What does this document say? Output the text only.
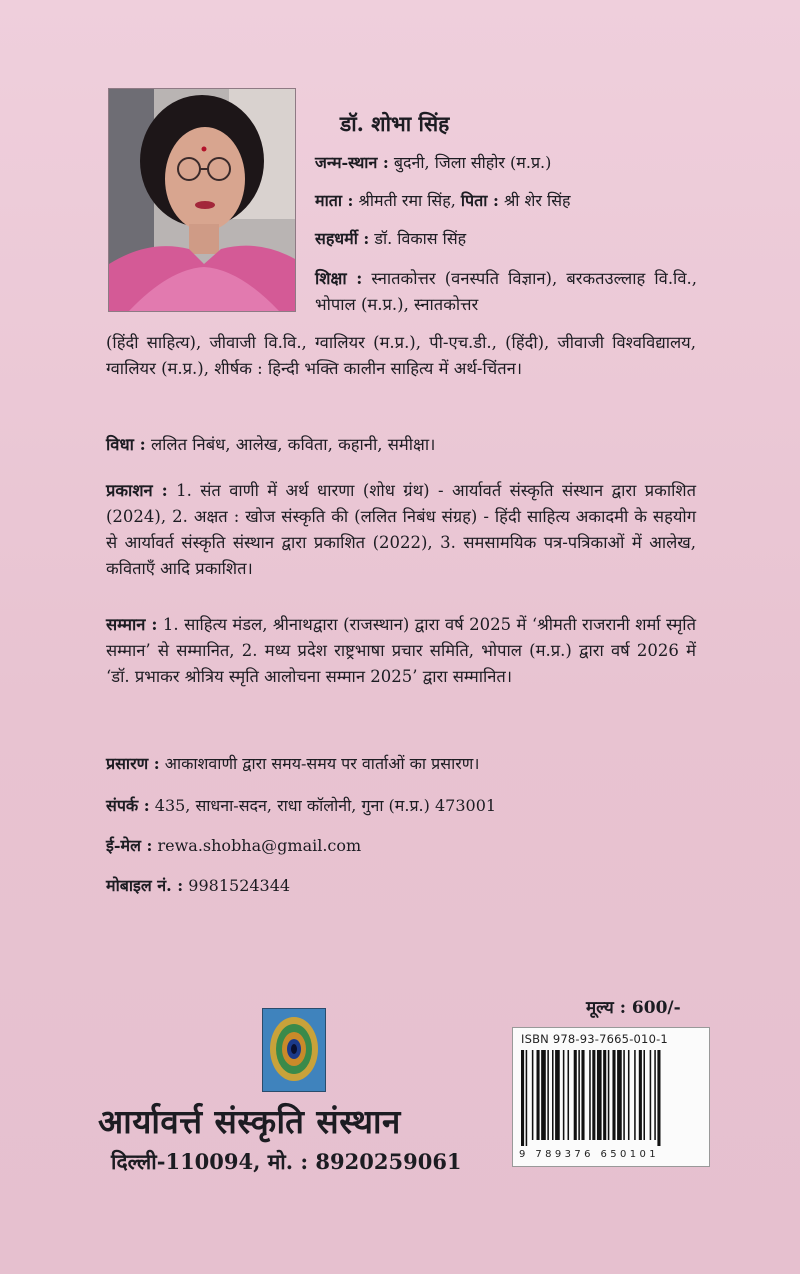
डॉ. शोभा सिंह
जन्म-स्थान : बुदनी, जिला सीहोर (म.प्र.)
माता : श्रीमती रमा सिंह, पिता : श्री शेर सिंह
सहधर्मी : डॉ. विकास सिंह
शिक्षा : स्नातकोत्तर (वनस्पति विज्ञान), बरकतउल्लाह वि.वि., भोपाल (म.प्र.), स्नातकोत्तर
(हिंदी साहित्य), जीवाजी वि.वि., ग्वालियर (म.प्र.), पी-एच.डी., (हिंदी), जीवाजी विश्वविद्यालय, ग्वालियर (म.प्र.), शीर्षक : हिन्दी भक्ति कालीन साहित्य में अर्थ-चिंतन।
विधा : ललित निबंध, आलेख, कविता, कहानी, समीक्षा।
प्रकाशन : 1. संत वाणी में अर्थ धारणा (शोध ग्रंथ) - आर्यावर्त संस्कृति संस्थान द्वारा प्रकाशित (2024), 2. अक्षत : खोज संस्कृति की (ललित निबंध संग्रह) - हिंदी साहित्य अकादमी के सहयोग से आर्यावर्त संस्कृति संस्थान द्वारा प्रकाशित (2022), 3. समसामयिक पत्र-पत्रिकाओं में आलेख, कविताएँ आदि प्रकाशित।
सम्मान : 1. साहित्य मंडल, श्रीनाथद्वारा (राजस्थान) द्वारा वर्ष 2025 में ‘श्रीमती राजरानी शर्मा स्मृति सम्मान’ से सम्मानित, 2. मध्य प्रदेश राष्ट्रभाषा प्रचार समिति, भोपाल (म.प्र.) द्वारा वर्ष 2026 में ‘डॉ. प्रभाकर श्रोत्रिय स्मृति आलोचना सम्मान 2025’ द्वारा सम्मानित।
प्रसारण : आकाशवाणी द्वारा समय-समय पर वार्ताओं का प्रसारण।
संपर्क : 435, साधना-सदन, राधा कॉलोनी, गुना (म.प्र.) 473001
ई-मेल : rewa.shobha@gmail.com
मोबाइल नं. : 9981524344
आर्यावर्त्त संस्कृति संस्थान
दिल्ली-110094, मो. : 8920259061
मूल्य : 600/-
ISBN 978-93-7665-010-1
9 789376 650101
